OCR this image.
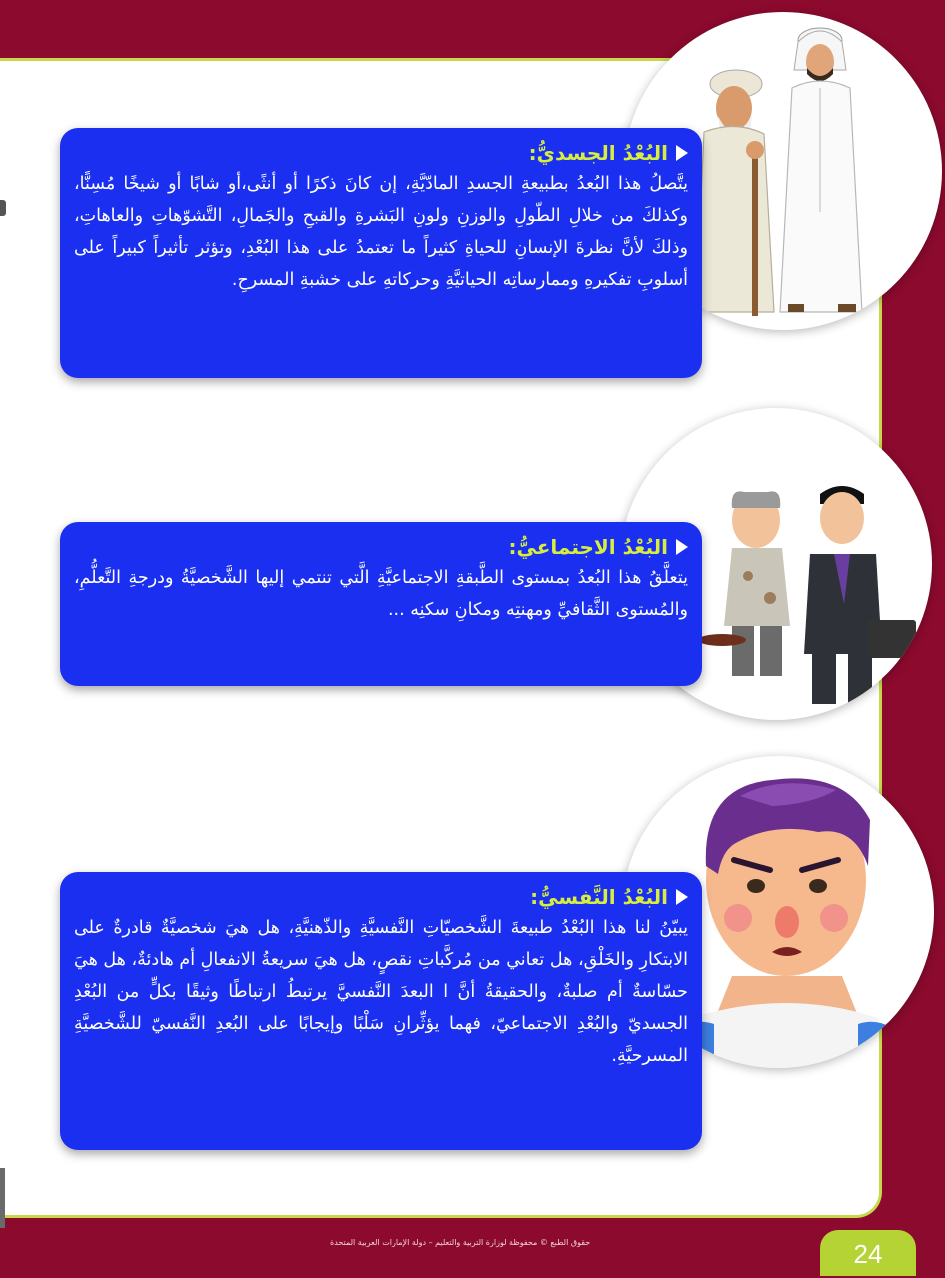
البُعْدُ الجسديُّ:

يتَّصلُ هذا البُعدُ بطبيعةِ الجسدِ المادّيَّةِ، إن كانَ ذكرًا أو أنثًى،أو شابًا أو شيخًا مُسِنًّا، وكذلكَ من خلالِ الطّولِ والوزنِ ولونِ البَشرةِ والقبحِ والجَمالِ، التَّشوّهاتِ والعاهاتِ، وذلكَ لأنَّ نظرةَ الإنسانِ للحياةِ كثيراً ما تعتمدُ على هذا البُعْدِ، وتؤثر تأثيراً كبيراً على أسلوبِ تفكيرهِ وممارساتِه الحياتيَّةِ وحركاتهِ على خشبةِ المسرحِ.

البُعْدُ الاجتماعيُّ:

يتعلَّقُ هذا البُعدُ بمستوى الطَّبقةِ الاجتماعيَّةِ الَّتي تنتمي إليها الشَّخصيَّةُ ودرجةِ التَّعلُّمِ، والمُستوى الثَّقافيِّ ومهنتِه ومكانِ سكنِه ...

البُعْدُ النَّفسيُّ:

يبيّنُ لنا هذا البُعْدُ طبيعةَ الشَّخصيّاتِ النَّفسيَّةِ والذّهنيَّةِ، هل هيَ شخصيَّةٌ قادرةٌ على الابتكارِ والخَلْقِ، هل تعاني من مُركَّباتِ نقصٍ، هل هيَ سريعةُ الانفعالِ أم هادئةٌ، هل هيَ حسّاسةٌ أم صلبةٌ، والحقيقةُ أنَّ ا البعدَ النَّفسيَّ يرتبطُ ارتباطًا وثيقًا بكلٍّ من البُعْدِ الجسديّ والبُعْدِ الاجتماعيّ، فهما يؤثِّرانِ سَلْبًا وإيجابًا على البُعدِ النَّفسيّ للشَّخصيَّةِ المسرحيَّةِ.

حقوق الطبع © محفوظة لوزارة التربية والتعليم – دولة الإمارات العربية المتحدة	24
